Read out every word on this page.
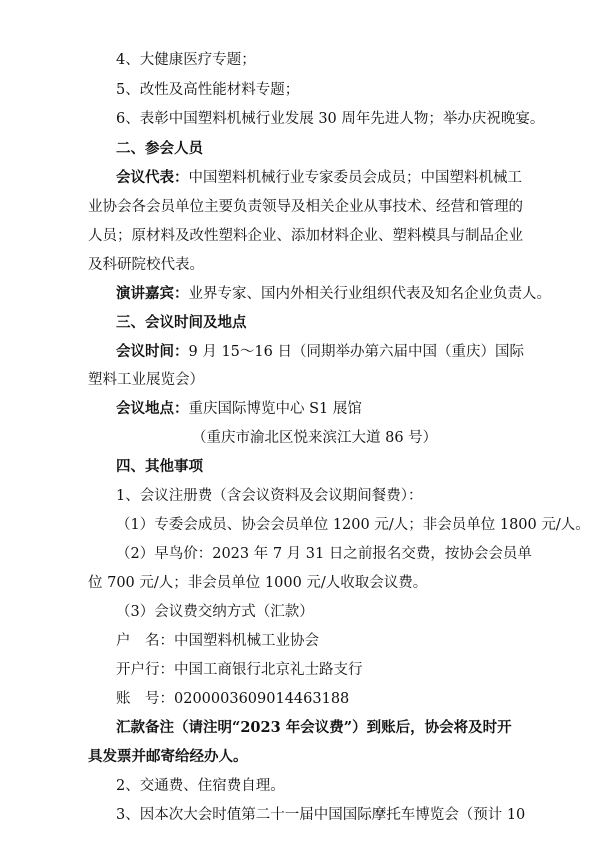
4、大健康医疗专题；
5、改性及高性能材料专题；
6、表彰中国塑料机械行业发展 30 周年先进人物；举办庆祝晚宴。
二、参会人员
会议代表：中国塑料机械行业专家委员会成员；中国塑料机械工
业协会各会员单位主要负责领导及相关企业从事技术、经营和管理的
人员；原材料及改性塑料企业、添加材料企业、塑料模具与制品企业
及科研院校代表。
演讲嘉宾：业界专家、国内外相关行业组织代表及知名企业负责人。
三、会议时间及地点
会议时间：9 月 15～16 日（同期举办第六届中国（重庆）国际
塑料工业展览会）
会议地点：重庆国际博览中心 S1 展馆
（重庆市渝北区悦来滨江大道 86 号）
四、其他事项
1、会议注册费（含会议资料及会议期间餐费）：
（1）专委会成员、协会会员单位 1200 元/人；非会员单位 1800 元/人。
（2）早鸟价：2023 年 7 月 31 日之前报名交费，按协会会员单
位 700 元/人；非会员单位 1000 元/人收取会议费。
（3）会议费交纳方式（汇款）
户　名：中国塑料机械工业协会
开户行：中国工商银行北京礼士路支行
账　号：0200003609014463188
汇款备注（请注明“2023 年会议费”）到账后，协会将及时开
具发票并邮寄给经办人。
2、交通费、住宿费自理。
3、因本次大会时值第二十一届中国国际摩托车博览会（预计 10
